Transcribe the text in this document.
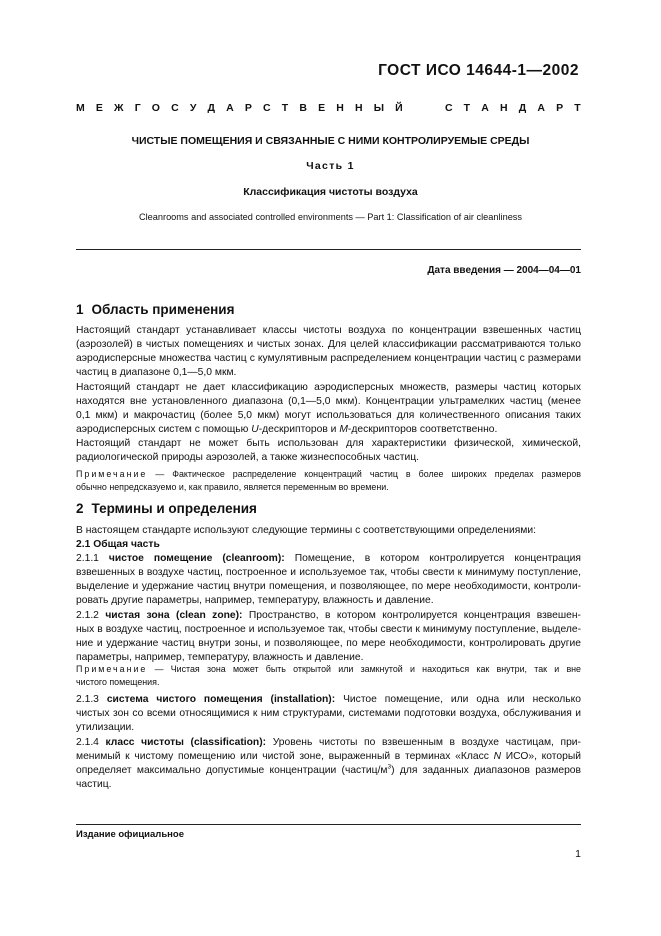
ГОСТ ИСО 14644-1—2002
М Е Ж Г О С У Д А Р С Т В Е Н Н Ы Й	С Т А Н Д А Р Т
ЧИСТЫЕ ПОМЕЩЕНИЯ И СВЯЗАННЫЕ С НИМИ КОНТРОЛИРУЕМЫЕ СРЕДЫ
Часть 1
Классификация чистоты воздуха
Cleanrooms and associated controlled environments — Part 1: Classification of air cleanliness
Дата введения — 2004—04—01
1 Область применения
Издание официальное
1
Настоящий стандарт устанавливает классы чистоты воздуха по концентрации взвешенных частиц
(аэрозолей) в чистых помещениях и чистых зонах. Для целей классификации рассматриваются только
аэродисперсные множества частиц с кумулятивным распределением концентрации частиц с размерами
частиц в диапазоне 0,1—5,0 мкм.
Настоящий стандарт не дает классификацию аэродисперсных множеств, размеры частиц которых
находятся вне установленного диапазона (0,1—5,0 мкм). Концентрации ультрамелких частиц (менее
0,1 мкм) и макрочастиц (более 5,0 мкм) могут использоваться для количественного описания таких
аэродисперсных систем с помощью U-дескрипторов и M-дескрипторов соответственно.
Настоящий стандарт не может быть использован для характеристики физической, химической,
радиологической природы аэрозолей, а также жизнеспособных частиц.
Примечание — Фактическое распределение концентраций частиц в более широких пределах размеров
обычно непредсказуемо и, как правило, является переменным во времени.
В настоящем стандарте используют следующие термины с соответствующими определениями:
2.1 Общая часть
2.1.1 чистое помещение (cleanroom): Помещение, в котором контролируется концентрация
взвешенных в воздухе частиц, построенное и используемое так, чтобы свести к минимуму поступление,
выделение и удержание частиц внутри помещения, и позволяющее, по мере необходимости, контроли-
ровать другие параметры, например, температуру, влажность и давление.
2.1.2 чистая зона (clean zone): Пространство, в котором контролируется концентрация взвешен-
ных в воздухе частиц, построенное и используемое так, чтобы свести к минимуму поступление, выделе-
ние и удержание частиц внутри зоны, и позволяющее, по мере необходимости, контролировать другие
параметры, например, температуру, влажность и давление.
Примечание — Чистая зона может быть открытой или замкнутой и находиться как внутри, так и вне
чистого помещения.
2.1.3 система чистого помещения (installation): Чистое помещение, или одна или несколько
чистых зон со всеми относящимися к ним структурами, системами подготовки воздуха, обслуживания и
утилизации.
2.1.4 класс чистоты (classification): Уровень чистоты по взвешенным в воздухе частицам, при-
менимый к чистому помещению или чистой зоне, выраженный в терминах «Класс N ИСО», который
определяет максимально допустимые концентрации $(частиц/м^3)$ для заданных диапазонов размеров
частиц.
2 Термины и определения
